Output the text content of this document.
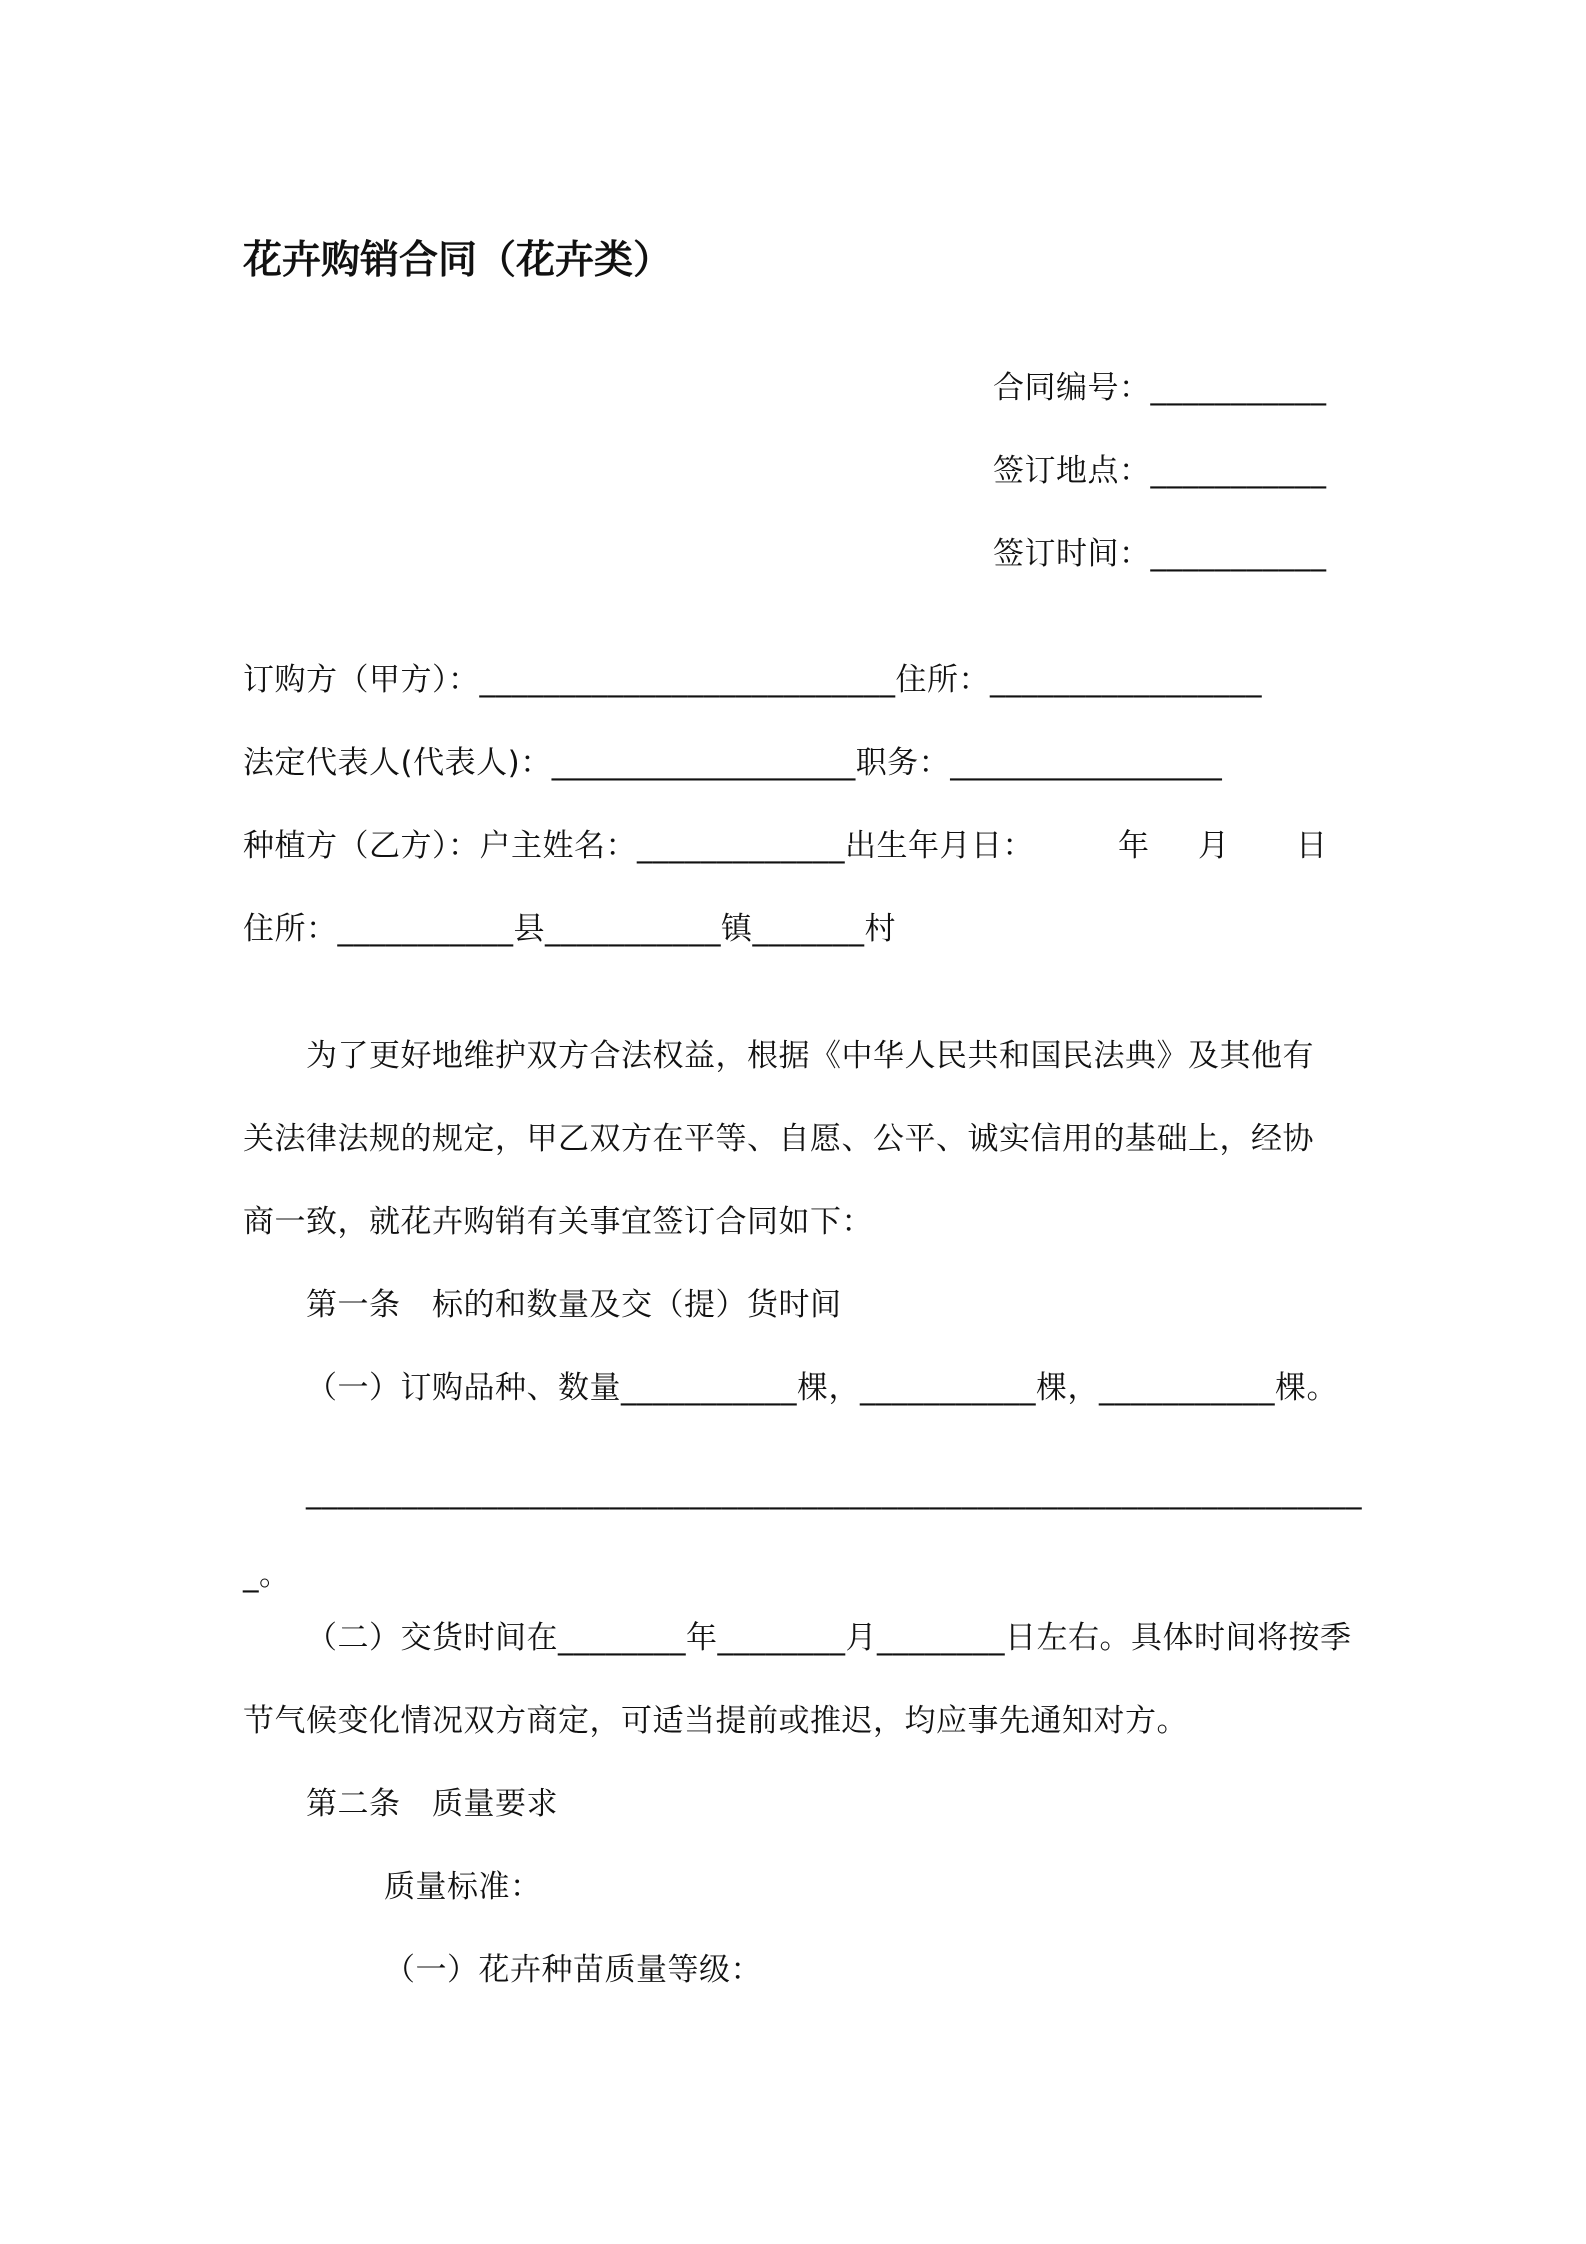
花卉购销合同（花卉类）
合同编号：___________
签订地点：___________
签订时间：___________
订购方（甲方）：__________________________住所：_________________
法定代表人(代表人)：___________________职务：_________________
种植方（乙方）：户主姓名：_____________出生年月日：	年 月 日
住所：___________县___________镇_______村
为了更好地维护双方合法权益，根据《中华人民共和国民法典》及其他有
关法律法规的规定，甲乙双方在平等、自愿、公平、诚实信用的基础上，经协
商一致，就花卉购销有关事宜签订合同如下：
第一条　标的和数量及交（提）货时间
（一）订购品种、数量___________棵，___________棵，___________棵。
__________________________________________________________________
_。
（二）交货时间在________年________月________日左右。具体时间将按季
节气候变化情况双方商定，可适当提前或推迟，均应事先通知对方。
第二条　质量要求
质量标准：
（一）花卉种苗质量等级：
